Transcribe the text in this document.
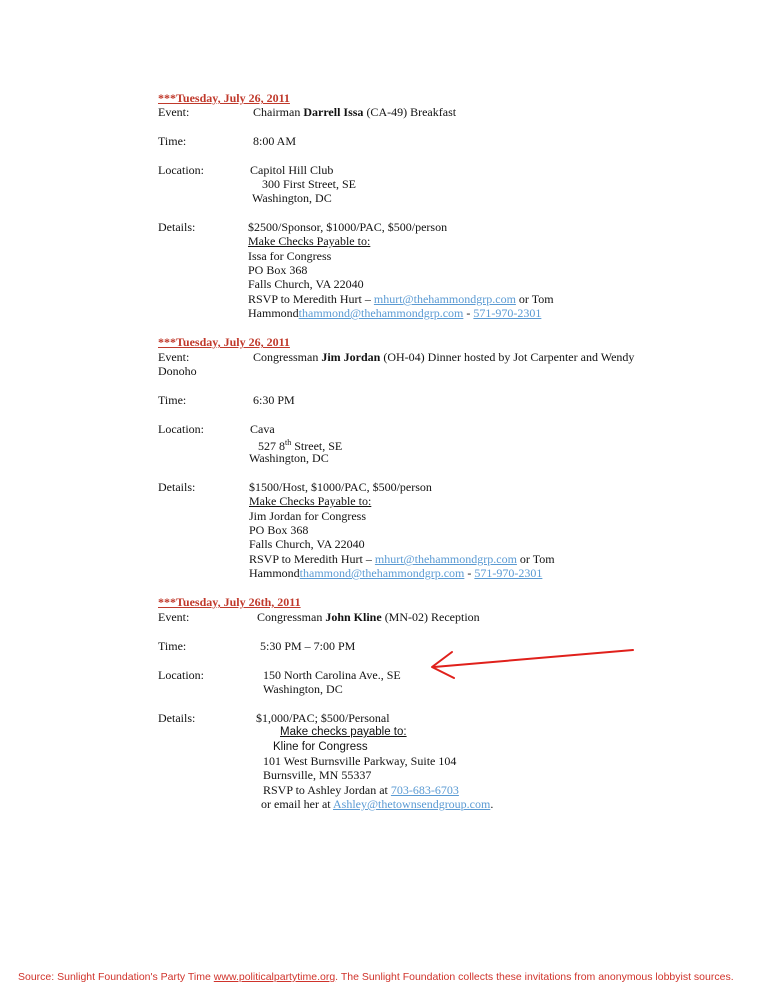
***Tuesday, July 26, 2011
Event:	Chairman Darrell Issa (CA-49) Breakfast
Time:	8:00 AM
Location:	Capitol Hill Club
300 First Street, SE
Washington, DC
Details:	$2500/Sponsor, $1000/PAC, $500/person
Make Checks Payable to:
Issa for Congress
PO Box 368
Falls Church, VA 22040
RSVP to Meredith Hurt – mhurt@thehammondgrp.com or Tom
Hammondthammond@thehammondgrp.com - 571-970-2301
***Tuesday, July 26, 2011
Event:	Congressman Jim Jordan (OH-04) Dinner hosted by Jot Carpenter and Wendy
Donoho
Time:	6:30 PM
Location:	Cava
527 8th Street, SE
Washington, DC
Details:	$1500/Host, $1000/PAC, $500/person
Make Checks Payable to:
Jim Jordan for Congress
PO Box 368
Falls Church, VA 22040
RSVP to Meredith Hurt – mhurt@thehammondgrp.com or Tom
Hammondthammond@thehammondgrp.com - 571-970-2301
***Tuesday, July 26th, 2011
Event:	Congressman John Kline (MN-02) Reception
Time:	5:30 PM – 7:00 PM
Location:	150 North Carolina Ave., SE
Washington, DC
Details:	$1,000/PAC; $500/Personal
Make checks payable to:
Kline for Congress
101 West Burnsville Parkway, Suite 104
Burnsville, MN 55337
RSVP to Ashley Jordan at 703-683-6703
or email her at Ashley@thetownsendgroup.com.
Source: Sunlight Foundation's Party Time www.politicalpartytime.org. The Sunlight Foundation collects these invitations from anonymous lobbyist sources.
